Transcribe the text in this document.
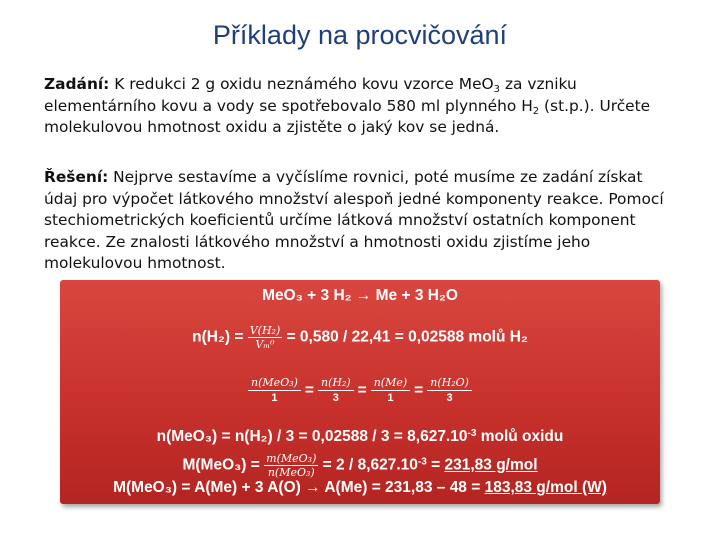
Příklady na procvičování
Zadání: K redukci 2 g oxidu neznámého kovu vzorce MeO$_3$ za vzniku elementárního kovu a vody se spotřebovalo 580 ml plynného $H_2$ (st.p.). Určete molekulovou hmotnost oxidu a zjistěte o jaký kov se jedná.
Řešení: Nejprve sestavíme a vyčíslíme rovnici, poté musíme ze zadání získat údaj pro výpočet látkového množství alespoň jedné komponenty reakce. Pomocí stechiometrických koeficientů určíme látková množství ostatních komponent reakce. Ze znalosti látkového množství a hmotnosti oxidu zjistíme jeho molekulovou hmotnost.
MeO₃ + 3 H₂ → Me + 3 H₂O
$n(H_2) = \frac{\text{V(H₂)}}{\text{Vₘ⁰}} = 0,580 / 22,41 = 0,02588$ molů H₂
$\frac{\text{n(MeO₃)}}{1} = \frac{\text{n(H₂)}}{3} = \frac{n(Me)}{1} = \frac{\text{n(H₂O)}}{3}$
$n(MeO_3) = n(H_2) / 3 = 0,02588 / 3 = 8,627.10^{-3}$ molů oxidu
$M(MeO_3) = \frac{\text{m(MeO₃)}}{\text{n(MeO₃)}} = 2 / 8,627.10^{-3} = 231,83$ g/mol
M(MeO₃) = A(Me) + 3 A(O) → A(Me) = 231,83 – 48 = 183,83 g/mol (W)
